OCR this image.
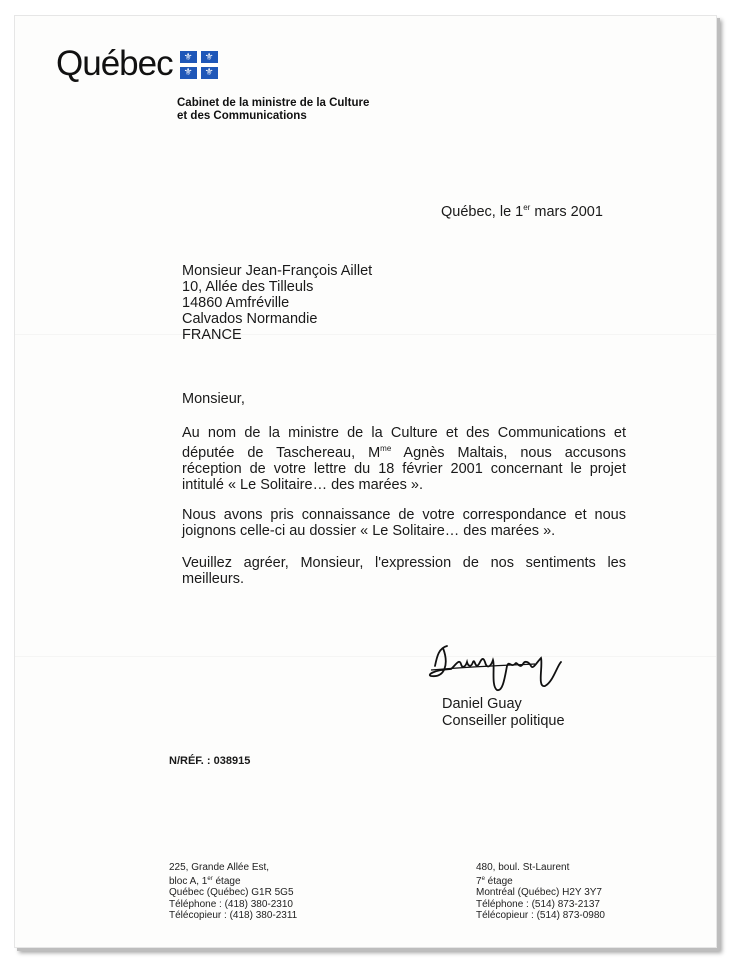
Québec ⚜ ⚜
⚜ ⚜
Cabinet de la ministre de la Culture
et des Communications
Québec, le 1er mars 2001
Monsieur Jean-François Aillet
10, Allée des Tilleuls
14860 Amfréville
Calvados Normandie
FRANCE
Monsieur,
Au nom de la ministre de la Culture et des Communications et députée de Taschereau, $M^{me}$ Agnès Maltais, nous accusons réception de votre lettre du 18 février 2001 concernant le projet intitulé « Le Solitaire… des marées ».
Nous avons pris connaissance de votre correspondance et nous joignons celle-ci au dossier « Le Solitaire… des marées ».
Veuillez agréer, Monsieur, l'expression de nos sentiments les meilleurs.
Daniel Guay
Conseiller politique
N/RÉF. : 038915
225, Grande Allée Est,
bloc A, 1er étage
Québec (Québec) G1R 5G5
Téléphone : (418) 380-2310
Télécopieur : (418) 380-2311
480, boul. St-Laurent
7e étage
Montréal (Québec) H2Y 3Y7
Téléphone : (514) 873-2137
Télécopieur : (514) 873-0980
